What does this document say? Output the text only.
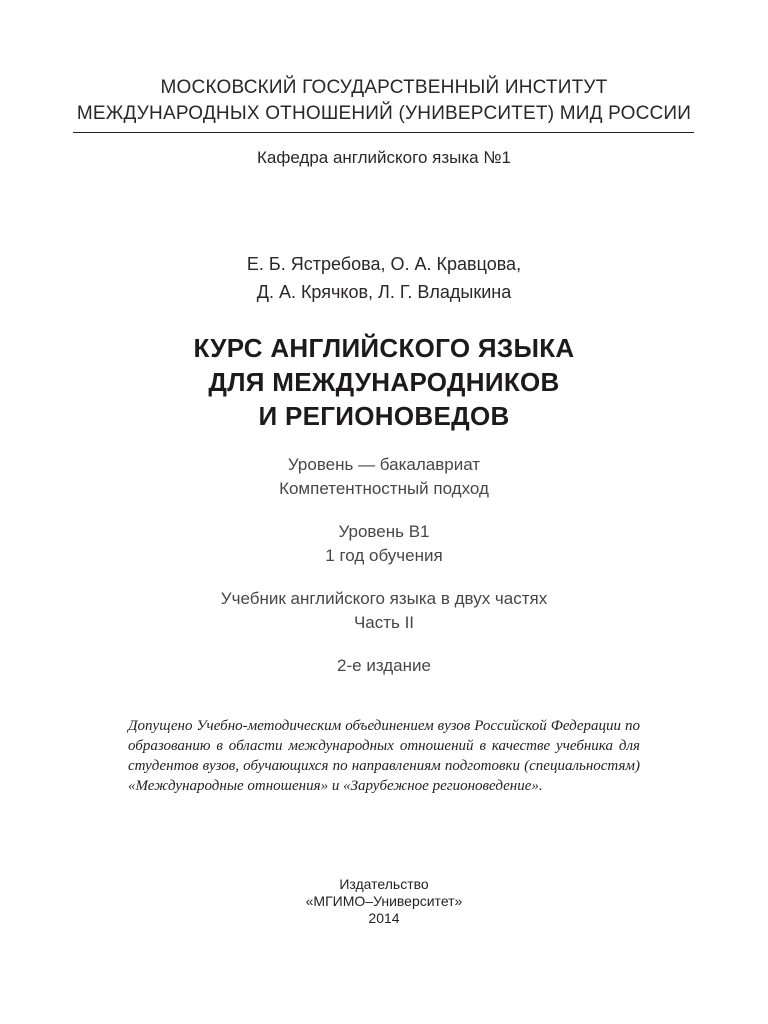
МОСКОВСКИЙ ГОСУДАРСТВЕННЫЙ ИНСТИТУТ
МЕЖДУНАРОДНЫХ ОТНОШЕНИЙ (УНИВЕРСИТЕТ) МИД РОССИИ
Кафедра английского языка №1
Е. Б. Ястребова, О. А. Кравцова,
Д. А. Крячков, Л. Г. Владыкина
КУРС АНГЛИЙСКОГО ЯЗЫКА
ДЛЯ МЕЖДУНАРОДНИКОВ
И РЕГИОНОВЕДОВ
Уровень — бакалавриат
Компетентностный подход
Уровень В1
1 год обучения
Учебник английского языка в двух частях
Часть II
2-е издание
Допущено Учебно-методическим объединением вузов Российской Федерации по образованию в области международных отношений в качестве учебника для студентов вузов, обучающихся по направлениям подготовки (специальностям) «Международные отношения» и «Зарубежное регионоведение».
Издательство
«МГИМО–Университет»
2014
